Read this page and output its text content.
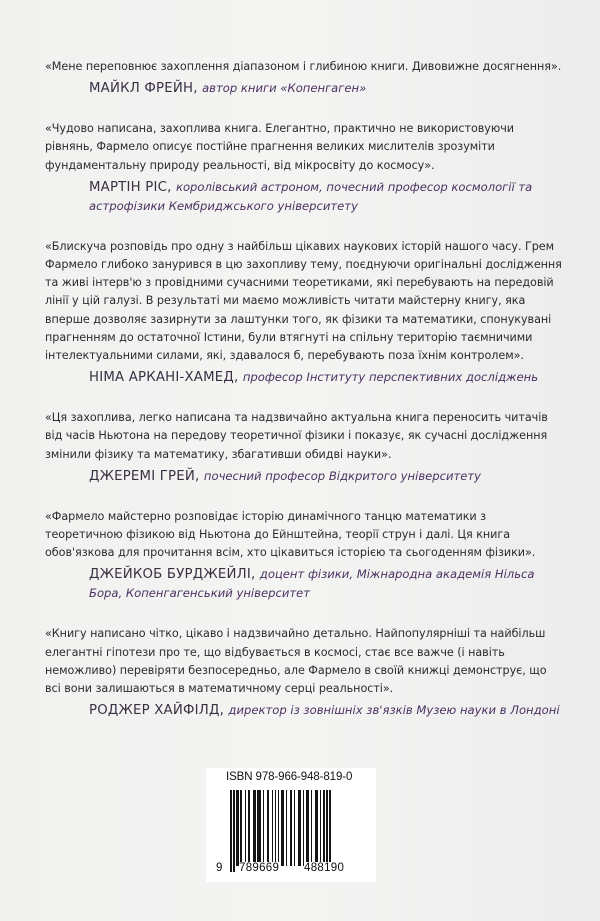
«Мене переповнює захоплення діапазоном і глибиною книги. Дивовижне досягнення».

МАЙКЛ ФРЕЙН, автор книги «Копенгаген»

«Чудово написана, захоплива книга. Елегантно, практично не використовуючи рівнянь, Фармело описує постійне прагнення великих мислителів зрозуміти фундаментальну природу реальності, від мікросвіту до космосу».

МАРТІН РІС, королівський астроном, почесний професор космології та астрофізики Кембриджського університету

«Блискуча розповідь про одну з найбільш цікавих наукових історій нашого часу. Грем Фармело глибоко занурився в цю захопливу тему, поєднуючи оригінальні дослідження та живі інтерв'ю з провідними сучасними теоретиками, які перебувають на передовій лінії у цій галузі. В результаті ми маємо можливість читати майстерну книгу, яка вперше дозволяє зазирнути за лаштунки того, як фізики та математики, спонукувані прагненням до остаточної Істини, були втягнуті на спільну територію таємничими інтелектуальними силами, які, здавалося б, перебувають поза їхнім контролем».

НІМА АРКАНІ-ХАМЕД, професор Інституту перспективних досліджень

«Ця захоплива, легко написана та надзвичайно актуальна книга переносить читачів від часів Ньютона на передову теоретичної фізики і показує, як сучасні дослідження змінили фізику та математику, збагативши обидві науки».

ДЖЕРЕМІ ГРЕЙ, почесний професор Відкритого університету

«Фармело майстерно розповідає історію динамічного танцю математики з теоретичною фізикою від Ньютона до Ейнштейна, теорії струн і далі. Ця книга обов'язкова для прочитання всім, хто цікавиться історією та сьогоденням фізики».

ДЖЕЙКОБ БУРДЖЕЙЛІ, доцент фізики, Міжнародна академія Нільса Бора, Копенгагенський університет

«Книгу написано чітко, цікаво і надзвичайно детально. Найпопулярніші та найбільш елегантні гіпотези про те, що відбувається в космосі, стає все важче (і навіть неможливо) перевіряти безпосередньо, але Фармело в своїй книжці демонструє, що всі вони залишаються в математичному серці реальності».

РОДЖЕР ХАЙФІЛД, директор із зовнішніх зв'язків Музею науки в Лондоні
ISBN 978-966-948-819-0
9 789669 488190
